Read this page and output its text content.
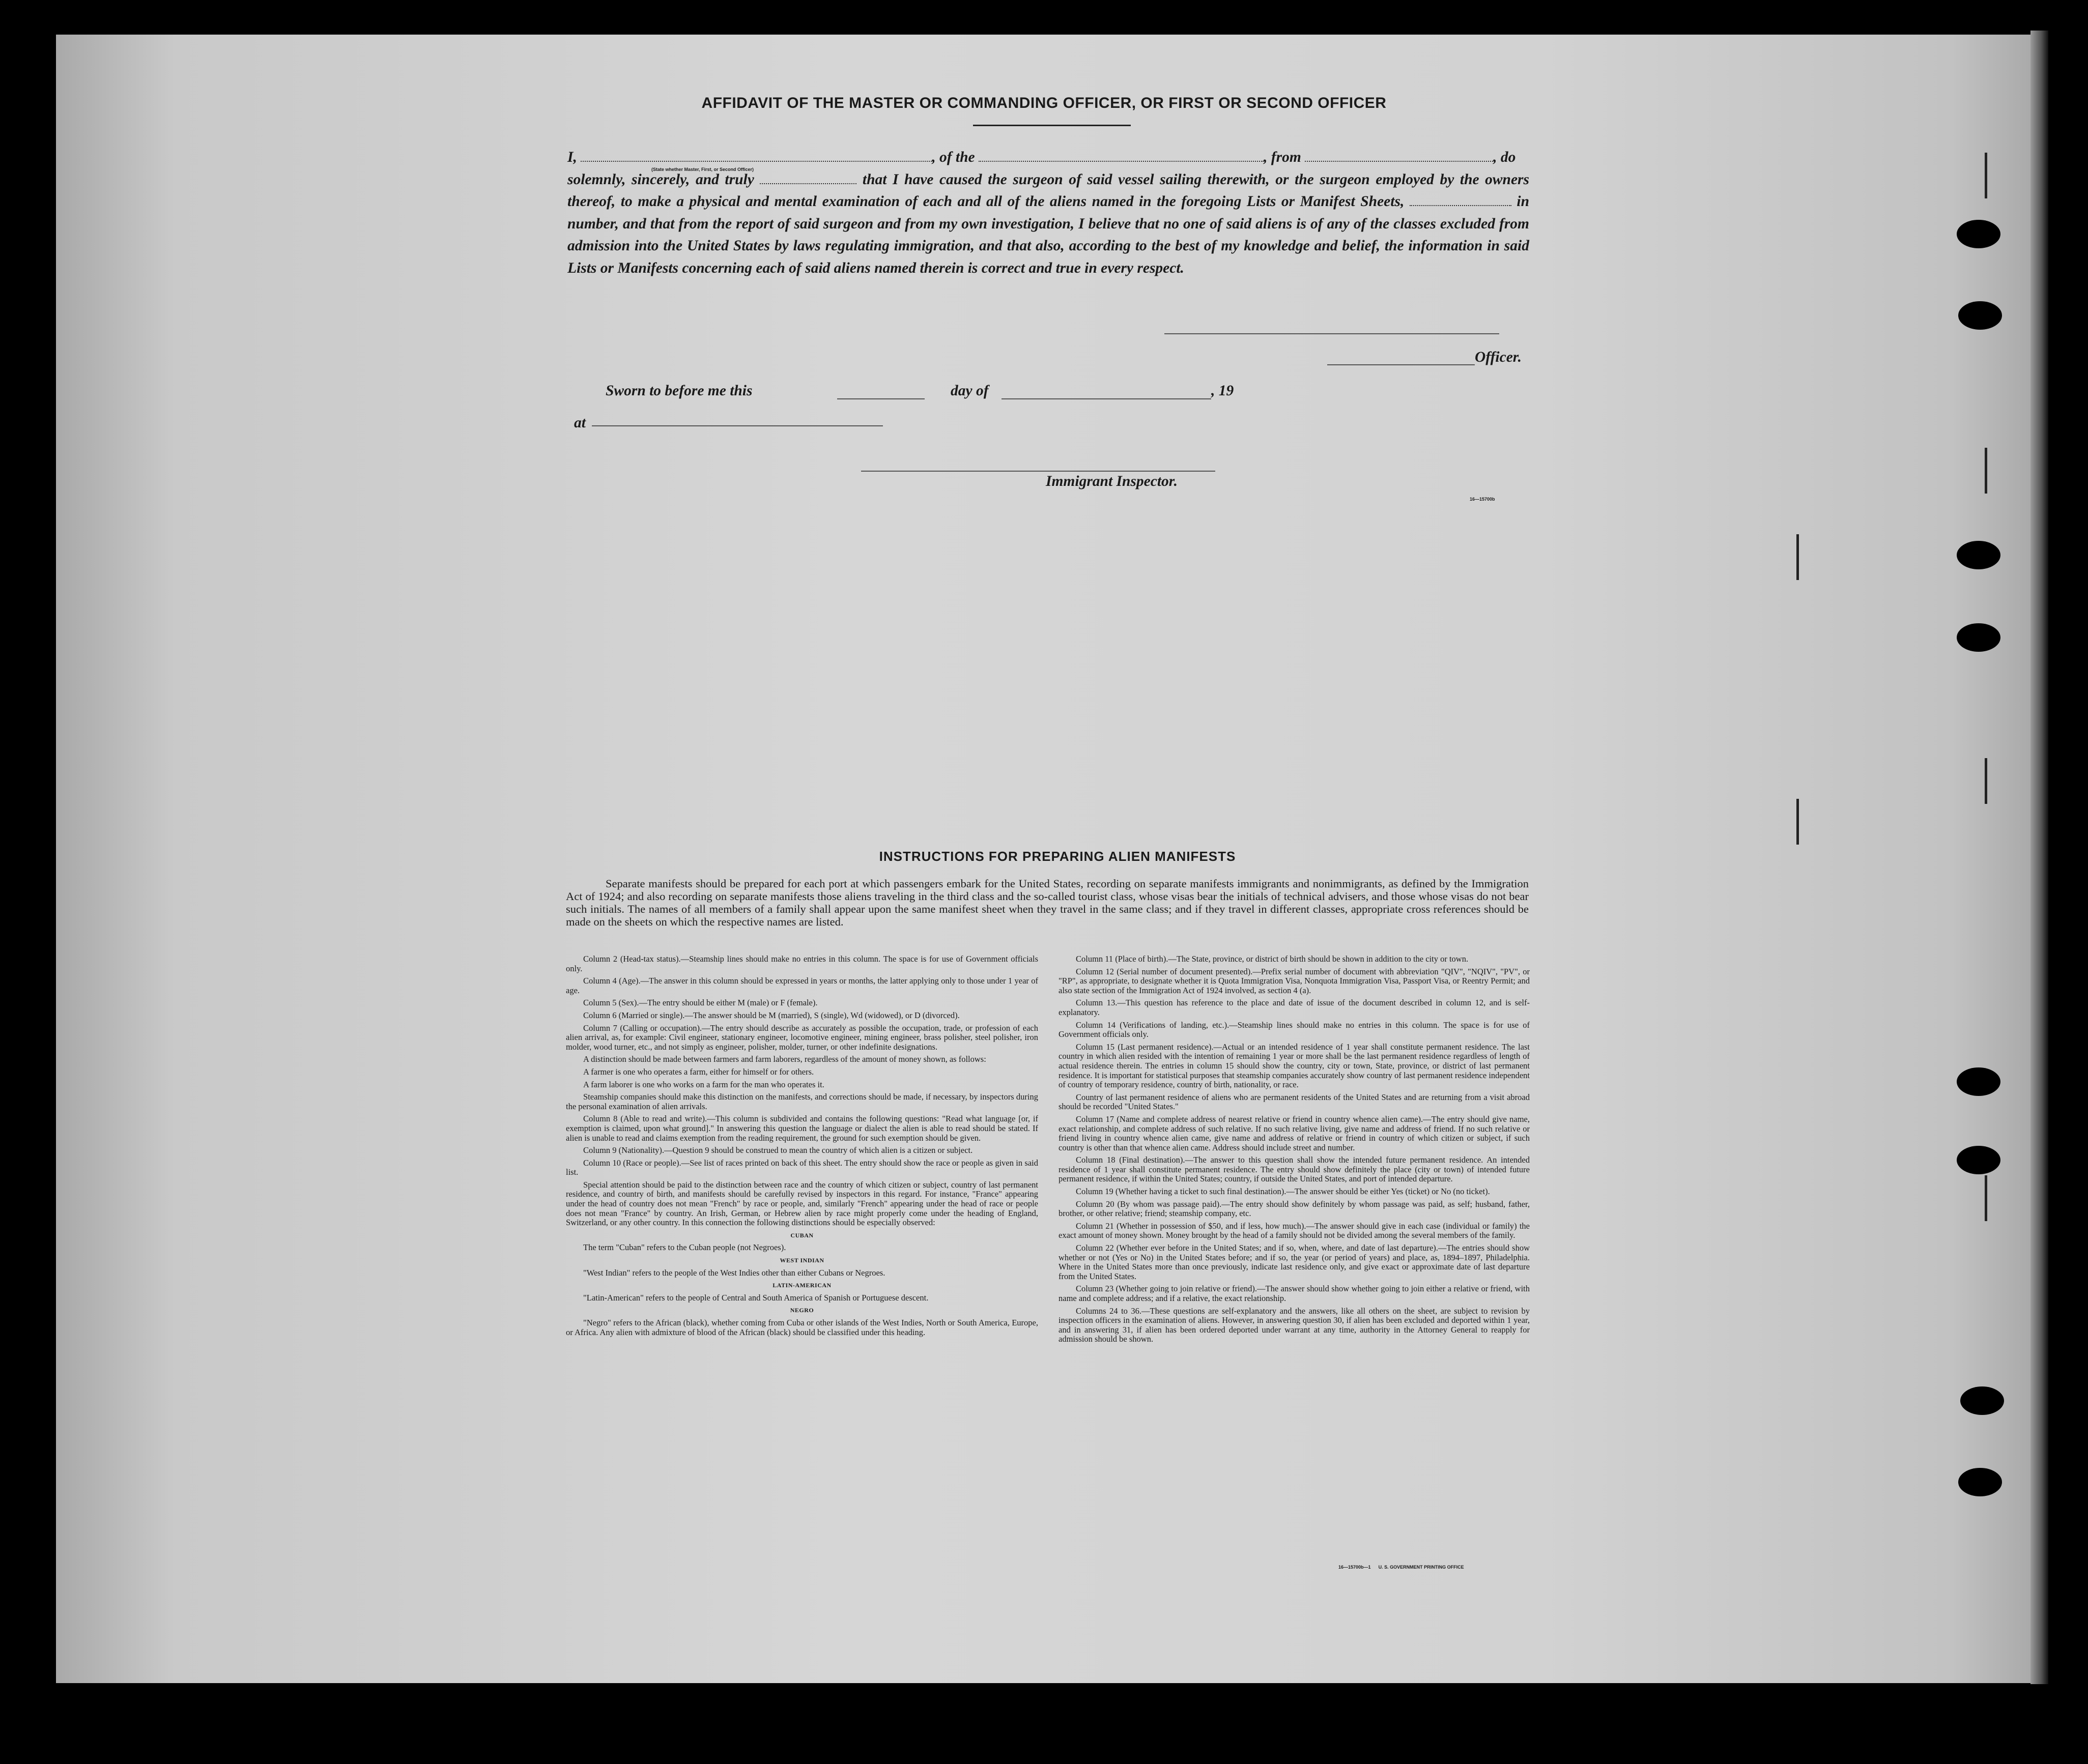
AFFIDAVIT OF THE MASTER OR COMMANDING OFFICER, OR FIRST OR SECOND OFFICER
I,	, of the	, from	, do
solemnly, sincerely, and truly	that I have caused the surgeon of said vessel sailing therewith, or the surgeon employed by the owners thereof, to make a physical and mental examination of each and all of the aliens named in the foregoing Lists or Manifest Sheets,	in number, and that from the report of said surgeon and from my own investigation, I believe that no one of said aliens is of any of the classes excluded from admission into the United States by laws regulating immigration, and that also, according to the best of my knowledge and belief, the information in said Lists or Manifests concerning each of said aliens named therein is correct and true in every respect.
(State whether Master, First, or Second Officer)
Officer.
Sworn to before me this	day of	, 19
at
Immigrant Inspector.
16—15700b
INSTRUCTIONS FOR PREPARING ALIEN MANIFESTS
Separate manifests should be prepared for each port at which passengers embark for the United States, recording on separate manifests immigrants and nonimmigrants, as defined by the Immigration Act of 1924; and also recording on separate manifests those aliens traveling in the third class and the so-called tourist class, whose visas bear the initials of technical advisers, and those whose visas do not bear such initials. The names of all members of a family shall appear upon the same manifest sheet when they travel in the same class; and if they travel in different classes, appropriate cross references should be made on the sheets on which the respective names are listed.

Column 2 (Head-tax status).—Steamship lines should make no entries in this column. The space is for use of Government officials only.

Column 4 (Age).—The answer in this column should be expressed in years or months, the latter applying only to those under 1 year of age.

Column 5 (Sex).—The entry should be either M (male) or F (female).

Column 6 (Married or single).—The answer should be M (married), S (single), Wd (widowed), or D (divorced).

Column 7 (Calling or occupation).—The entry should describe as accurately as possible the occupation, trade, or profession of each alien arrival, as, for example: Civil engineer, stationary engineer, locomotive engineer, mining engineer, brass polisher, steel polisher, iron molder, wood turner, etc., and not simply as engineer, polisher, molder, turner, or other indefinite designations.

A distinction should be made between farmers and farm laborers, regardless of the amount of money shown, as follows:

A farmer is one who operates a farm, either for himself or for others.

A farm laborer is one who works on a farm for the man who operates it.

Steamship companies should make this distinction on the manifests, and corrections should be made, if necessary, by inspectors during the personal examination of alien arrivals.

Column 8 (Able to read and write).—This column is subdivided and contains the following questions: "Read what language [or, if exemption is claimed, upon what ground]." In answering this question the language or dialect the alien is able to read should be stated. If alien is unable to read and claims exemption from the reading requirement, the ground for such exemption should be given.

Column 9 (Nationality).—Question 9 should be construed to mean the country of which alien is a citizen or subject.

Column 10 (Race or people).—See list of races printed on back of this sheet. The entry should show the race or people as given in said list.

Special attention should be paid to the distinction between race and the country of which citizen or subject, country of last permanent residence, and country of birth, and manifests should be carefully revised by inspectors in this regard. For instance, "France" appearing under the head of country does not mean "French" by race or people, and, similarly "French" appearing under the head of race or people does not mean "France" by country. An Irish, German, or Hebrew alien by race might properly come under the heading of England, Switzerland, or any other country. In this connection the following distinctions should be especially observed:

CUBAN

The term "Cuban" refers to the Cuban people (not Negroes).

WEST INDIAN

"West Indian" refers to the people of the West Indies other than either Cubans or Negroes.

LATIN-AMERICAN

"Latin-American" refers to the people of Central and South America of Spanish or Portuguese descent.

NEGRO

"Negro" refers to the African (black), whether coming from Cuba or other islands of the West Indies, North or South America, Europe, or Africa. Any alien with admixture of blood of the African (black) should be classified under this heading.

Column 11 (Place of birth).—The State, province, or district of birth should be shown in addition to the city or town.

Column 12 (Serial number of document presented).—Prefix serial number of document with abbreviation "QIV", "NQIV", "PV", or "RP", as appropriate, to designate whether it is Quota Immigration Visa, Nonquota Immigration Visa, Passport Visa, or Reentry Permit; and also state section of the Immigration Act of 1924 involved, as section 4 (a).

Column 13.—This question has reference to the place and date of issue of the document described in column 12, and is self-explanatory.

Column 14 (Verifications of landing, etc.).—Steamship lines should make no entries in this column. The space is for use of Government officials only.

Column 15 (Last permanent residence).—Actual or an intended residence of 1 year shall constitute permanent residence. The last country in which alien resided with the intention of remaining 1 year or more shall be the last permanent residence regardless of length of actual residence therein. The entries in column 15 should show the country, city or town, State, province, or district of last permanent residence. It is important for statistical purposes that steamship companies accurately show country of last permanent residence independent of country of temporary residence, country of birth, nationality, or race.

Country of last permanent residence of aliens who are permanent residents of the United States and are returning from a visit abroad should be recorded "United States."

Column 17 (Name and complete address of nearest relative or friend in country whence alien came).—The entry should give name, exact relationship, and complete address of such relative. If no such relative living, give name and address of friend. If no such relative or friend living in country whence alien came, give name and address of relative or friend in country of which citizen or subject, if such country is other than that whence alien came. Address should include street and number.

Column 18 (Final destination).—The answer to this question shall show the intended future permanent residence. An intended residence of 1 year shall constitute permanent residence. The entry should show definitely the place (city or town) of intended future permanent residence, if within the United States; country, if outside the United States, and port of intended departure.

Column 19 (Whether having a ticket to such final destination).—The answer should be either Yes (ticket) or No (no ticket).

Column 20 (By whom was passage paid).—The entry should show definitely by whom passage was paid, as self; husband, father, brother, or other relative; friend; steamship company, etc.

Column 21 (Whether in possession of $50, and if less, how much).—The answer should give in each case (individual or family) the exact amount of money shown. Money brought by the head of a family should not be divided among the several members of the family.

Column 22 (Whether ever before in the United States; and if so, when, where, and date of last departure).—The entries should show whether or not (Yes or No) in the United States before; and if so, the year (or period of years) and place, as, 1894–1897, Philadelphia. Where in the United States more than once previously, indicate last residence only, and give exact or approximate date of last departure from the United States.

Column 23 (Whether going to join relative or friend).—The answer should show whether going to join either a relative or friend, with name and complete address; and if a relative, the exact relationship.

Columns 24 to 36.—These questions are self-explanatory and the answers, like all others on the sheet, are subject to revision by inspection officers in the examination of aliens. However, in answering question 30, if alien has been excluded and deported within 1 year, and in answering 31, if alien has been ordered deported under warrant at any time, authority in the Attorney General to reapply for admission should be shown.

16—15700b—1 U. S. GOVERNMENT PRINTING OFFICE
